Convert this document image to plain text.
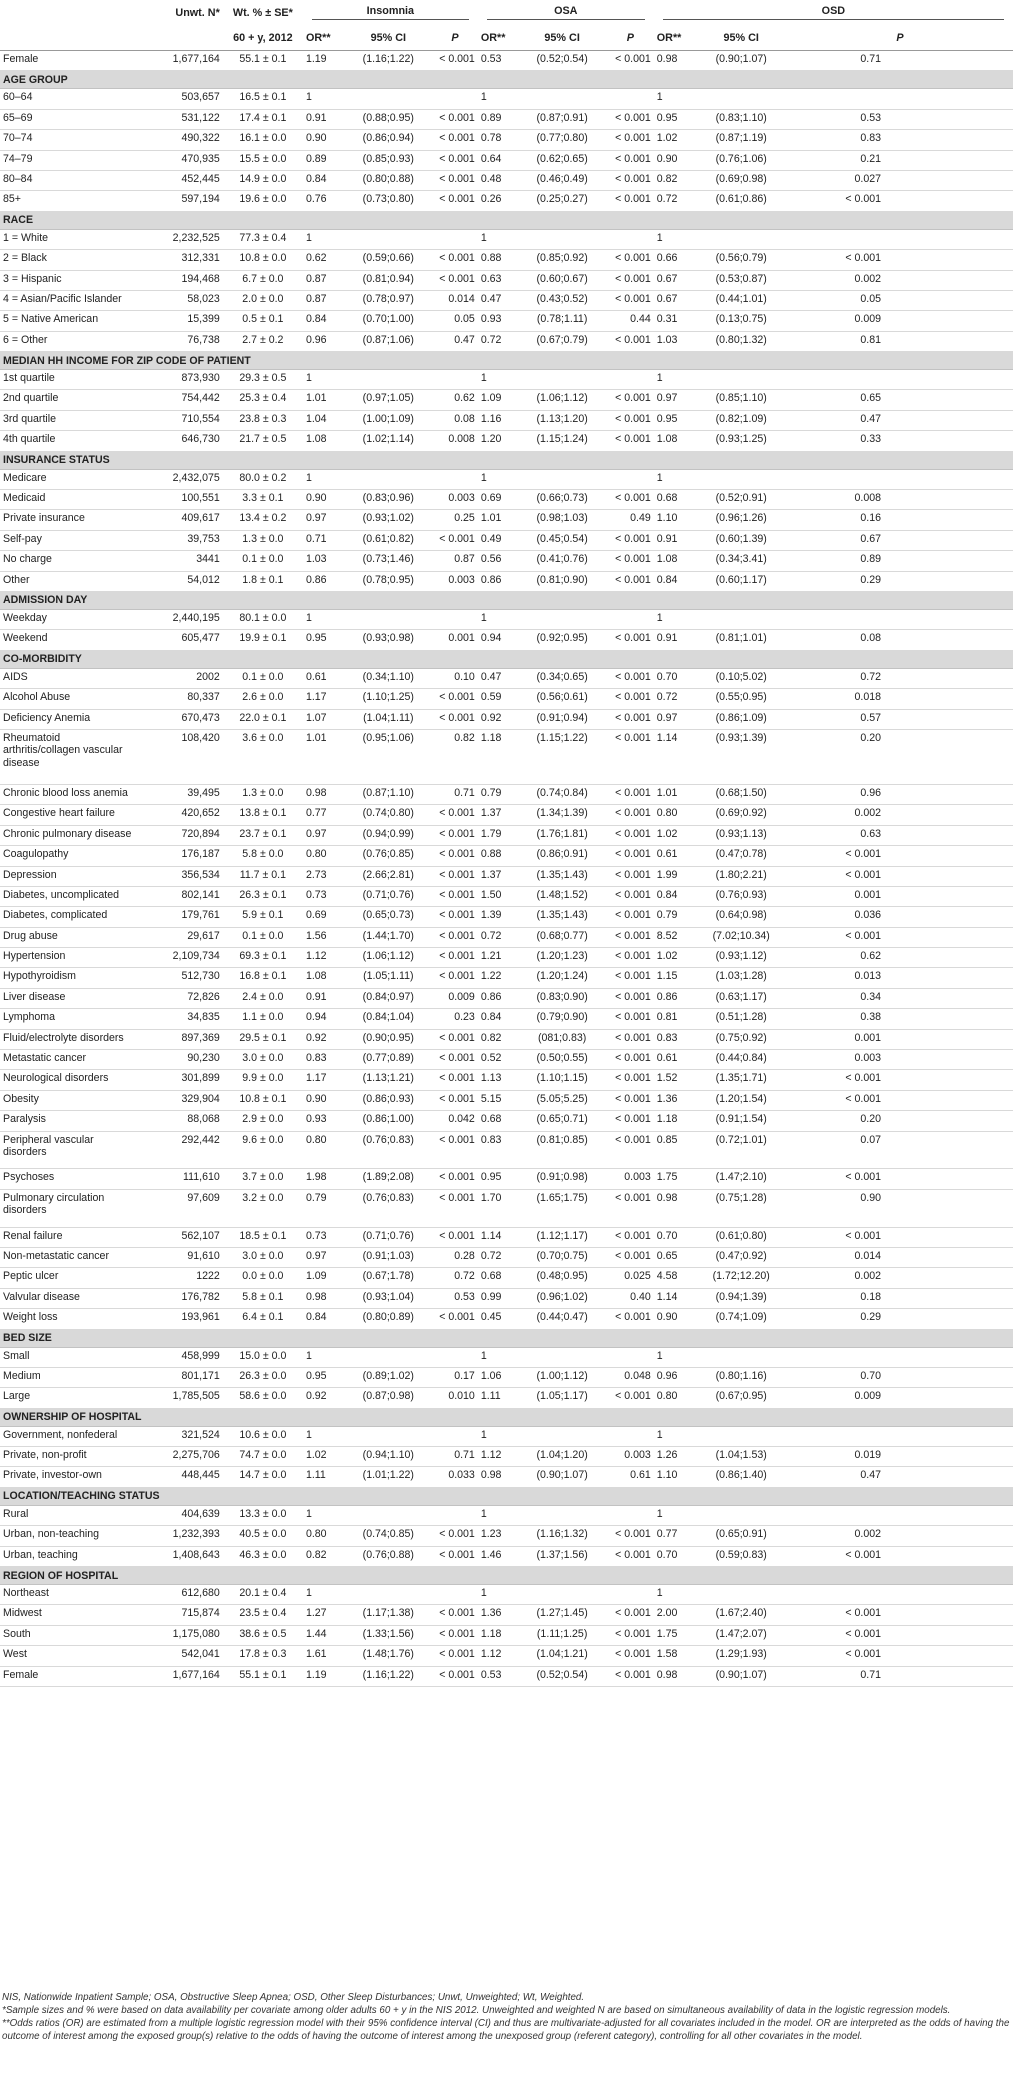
	Unwt. N*	Wt. % ± SE*	Insomnia			OSA			OSD		

		60 + y, 2012	OR**	95% CI	P	OR**	95% CI	P	OR**	95% CI	P
Female	1,677,164	55.1 ± 0.1	1.19	(1.16;1.22)	< 0.001	0.53	(0.52;0.54)	< 0.001	0.98	(0.90;1.07)	0.71
AGE GROUP											
60–64	503,657	16.5 ± 0.1	1			1			1		
65–69	531,122	17.4 ± 0.1	0.91	(0.88;0.95)	< 0.001	0.89	(0.87;0.91)	< 0.001	0.95	(0.83;1.10)	0.53
70–74	490,322	16.1 ± 0.0	0.90	(0.86;0.94)	< 0.001	0.78	(0.77;0.80)	< 0.001	1.02	(0.87;1.19)	0.83
74–79	470,935	15.5 ± 0.0	0.89	(0.85;0.93)	< 0.001	0.64	(0.62;0.65)	< 0.001	0.90	(0.76;1.06)	0.21
80–84	452,445	14.9 ± 0.0	0.84	(0.80;0.88)	< 0.001	0.48	(0.46;0.49)	< 0.001	0.82	(0.69;0.98)	0.027
85+	597,194	19.6 ± 0.0	0.76	(0.73;0.80)	< 0.001	0.26	(0.25;0.27)	< 0.001	0.72	(0.61;0.86)	< 0.001
RACE											
1 = White	2,232,525	77.3 ± 0.4	1			1			1		
2 = Black	312,331	10.8 ± 0.0	0.62	(0.59;0.66)	< 0.001	0.88	(0.85;0.92)	< 0.001	0.66	(0.56;0.79)	< 0.001
3 = Hispanic	194,468	6.7 ± 0.0	0.87	(0.81;0.94)	< 0.001	0.63	(0.60;0.67)	< 0.001	0.67	(0.53;0.87)	0.002
4 = Asian/Pacific Islander	58,023	2.0 ± 0.0	0.87	(0.78;0.97)	0.014	0.47	(0.43;0.52)	< 0.001	0.67	(0.44;1.01)	0.05
5 = Native American	15,399	0.5 ± 0.1	0.84	(0.70;1.00)	0.05	0.93	(0.78;1.11)	0.44	0.31	(0.13;0.75)	0.009
6 = Other	76,738	2.7 ± 0.2	0.96	(0.87;1.06)	0.47	0.72	(0.67;0.79)	< 0.001	1.03	(0.80;1.32)	0.81
MEDIAN HH INCOME FOR ZIP CODE OF PATIENT											
1st quartile	873,930	29.3 ± 0.5	1			1			1		
2nd quartile	754,442	25.3 ± 0.4	1.01	(0.97;1.05)	0.62	1.09	(1.06;1.12)	< 0.001	0.97	(0.85;1.10)	0.65
3rd quartile	710,554	23.8 ± 0.3	1.04	(1.00;1.09)	0.08	1.16	(1.13;1.20)	< 0.001	0.95	(0.82;1.09)	0.47
4th quartile	646,730	21.7 ± 0.5	1.08	(1.02;1.14)	0.008	1.20	(1.15;1.24)	< 0.001	1.08	(0.93;1.25)	0.33
INSURANCE STATUS											
Medicare	2,432,075	80.0 ± 0.2	1			1			1		
Medicaid	100,551	3.3 ± 0.1	0.90	(0.83;0.96)	0.003	0.69	(0.66;0.73)	< 0.001	0.68	(0.52;0.91)	0.008
Private insurance	409,617	13.4 ± 0.2	0.97	(0.93;1.02)	0.25	1.01	(0.98;1.03)	0.49	1.10	(0.96;1.26)	0.16
Self-pay	39,753	1.3 ± 0.0	0.71	(0.61;0.82)	< 0.001	0.49	(0.45;0.54)	< 0.001	0.91	(0.60;1.39)	0.67
No charge	3441	0.1 ± 0.0	1.03	(0.73;1.46)	0.87	0.56	(0.41;0.76)	< 0.001	1.08	(0.34;3.41)	0.89
Other	54,012	1.8 ± 0.1	0.86	(0.78;0.95)	0.003	0.86	(0.81;0.90)	< 0.001	0.84	(0.60;1.17)	0.29
ADMISSION DAY											
Weekday	2,440,195	80.1 ± 0.0	1			1			1		
Weekend	605,477	19.9 ± 0.1	0.95	(0.93;0.98)	0.001	0.94	(0.92;0.95)	< 0.001	0.91	(0.81;1.01)	0.08
CO-MORBIDITY											
AIDS	2002	0.1 ± 0.0	0.61	(0.34;1.10)	0.10	0.47	(0.34;0.65)	< 0.001	0.70	(0.10;5.02)	0.72
Alcohol Abuse	80,337	2.6 ± 0.0	1.17	(1.10;1.25)	< 0.001	0.59	(0.56;0.61)	< 0.001	0.72	(0.55;0.95)	0.018
Deficiency Anemia	670,473	22.0 ± 0.1	1.07	(1.04;1.11)	< 0.001	0.92	(0.91;0.94)	< 0.001	0.97	(0.86;1.09)	0.57
Rheumatoid arthritis/collagen vascular disease	108,420	3.6 ± 0.0	1.01	(0.95;1.06)	0.82	1.18	(1.15;1.22)	< 0.001	1.14	(0.93;1.39)	0.20
Chronic blood loss anemia	39,495	1.3 ± 0.0	0.98	(0.87;1.10)	0.71	0.79	(0.74;0.84)	< 0.001	1.01	(0.68;1.50)	0.96
Congestive heart failure	420,652	13.8 ± 0.1	0.77	(0.74;0.80)	< 0.001	1.37	(1.34;1.39)	< 0.001	0.80	(0.69;0.92)	0.002
Chronic pulmonary disease	720,894	23.7 ± 0.1	0.97	(0.94;0.99)	< 0.001	1.79	(1.76;1.81)	< 0.001	1.02	(0.93;1.13)	0.63
Coagulopathy	176,187	5.8 ± 0.0	0.80	(0.76;0.85)	< 0.001	0.88	(0.86;0.91)	< 0.001	0.61	(0.47;0.78)	< 0.001
Depression	356,534	11.7 ± 0.1	2.73	(2.66;2.81)	< 0.001	1.37	(1.35;1.43)	< 0.001	1.99	(1.80;2.21)	< 0.001
Diabetes, uncomplicated	802,141	26.3 ± 0.1	0.73	(0.71;0.76)	< 0.001	1.50	(1.48;1.52)	< 0.001	0.84	(0.76;0.93)	0.001
Diabetes, complicated	179,761	5.9 ± 0.1	0.69	(0.65;0.73)	< 0.001	1.39	(1.35;1.43)	< 0.001	0.79	(0.64;0.98)	0.036
Drug abuse	29,617	0.1 ± 0.0	1.56	(1.44;1.70)	< 0.001	0.72	(0.68;0.77)	< 0.001	8.52	(7.02;10.34)	< 0.001
Hypertension	2,109,734	69.3 ± 0.1	1.12	(1.06;1.12)	< 0.001	1.21	(1.20;1.23)	< 0.001	1.02	(0.93;1.12)	0.62
Hypothyroidism	512,730	16.8 ± 0.1	1.08	(1.05;1.11)	< 0.001	1.22	(1.20;1.24)	< 0.001	1.15	(1.03;1.28)	0.013
Liver disease	72,826	2.4 ± 0.0	0.91	(0.84;0.97)	0.009	0.86	(0.83;0.90)	< 0.001	0.86	(0.63;1.17)	0.34
Lymphoma	34,835	1.1 ± 0.0	0.94	(0.84;1.04)	0.23	0.84	(0.79;0.90)	< 0.001	0.81	(0.51;1.28)	0.38
Fluid/electrolyte disorders	897,369	29.5 ± 0.1	0.92	(0.90;0.95)	< 0.001	0.82	(081;0.83)	< 0.001	0.83	(0.75;0.92)	0.001
Metastatic cancer	90,230	3.0 ± 0.0	0.83	(0.77;0.89)	< 0.001	0.52	(0.50;0.55)	< 0.001	0.61	(0.44;0.84)	0.003
Neurological disorders	301,899	9.9 ± 0.0	1.17	(1.13;1.21)	< 0.001	1.13	(1.10;1.15)	< 0.001	1.52	(1.35;1.71)	< 0.001
Obesity	329,904	10.8 ± 0.1	0.90	(0.86;0.93)	< 0.001	5.15	(5.05;5.25)	< 0.001	1.36	(1.20;1.54)	< 0.001
Paralysis	88,068	2.9 ± 0.0	0.93	(0.86;1.00)	0.042	0.68	(0.65;0.71)	< 0.001	1.18	(0.91;1.54)	0.20
Peripheral vascular disorders	292,442	9.6 ± 0.0	0.80	(0.76;0.83)	< 0.001	0.83	(0.81;0.85)	< 0.001	0.85	(0.72;1.01)	0.07
Psychoses	111,610	3.7 ± 0.0	1.98	(1.89;2.08)	< 0.001	0.95	(0.91;0.98)	0.003	1.75	(1.47;2.10)	< 0.001
Pulmonary circulation disorders	97,609	3.2 ± 0.0	0.79	(0.76;0.83)	< 0.001	1.70	(1.65;1.75)	< 0.001	0.98	(0.75;1.28)	0.90
Renal failure	562,107	18.5 ± 0.1	0.73	(0.71;0.76)	< 0.001	1.14	(1.12;1.17)	< 0.001	0.70	(0.61;0.80)	< 0.001
Non-metastatic cancer	91,610	3.0 ± 0.0	0.97	(0.91;1.03)	0.28	0.72	(0.70;0.75)	< 0.001	0.65	(0.47;0.92)	0.014
Peptic ulcer	1222	0.0 ± 0.0	1.09	(0.67;1.78)	0.72	0.68	(0.48;0.95)	0.025	4.58	(1.72;12.20)	0.002
Valvular disease	176,782	5.8 ± 0.1	0.98	(0.93;1.04)	0.53	0.99	(0.96;1.02)	0.40	1.14	(0.94;1.39)	0.18
Weight loss	193,961	6.4 ± 0.1	0.84	(0.80;0.89)	< 0.001	0.45	(0.44;0.47)	< 0.001	0.90	(0.74;1.09)	0.29
BED SIZE											
Small	458,999	15.0 ± 0.0	1			1			1		
Medium	801,171	26.3 ± 0.0	0.95	(0.89;1.02)	0.17	1.06	(1.00;1.12)	0.048	0.96	(0.80;1.16)	0.70
Large	1,785,505	58.6 ± 0.0	0.92	(0.87;0.98)	0.010	1.11	(1.05;1.17)	< 0.001	0.80	(0.67;0.95)	0.009
OWNERSHIP OF HOSPITAL											
Government, nonfederal	321,524	10.6 ± 0.0	1			1			1		
Private, non-profit	2,275,706	74.7 ± 0.0	1.02	(0.94;1.10)	0.71	1.12	(1.04;1.20)	0.003	1.26	(1.04;1.53)	0.019
Private, investor-own	448,445	14.7 ± 0.0	1.11	(1.01;1.22)	0.033	0.98	(0.90;1.07)	0.61	1.10	(0.86;1.40)	0.47
LOCATION/TEACHING STATUS											
Rural	404,639	13.3 ± 0.0	1			1			1		
Urban, non-teaching	1,232,393	40.5 ± 0.0	0.80	(0.74;0.85)	< 0.001	1.23	(1.16;1.32)	< 0.001	0.77	(0.65;0.91)	0.002
Urban, teaching	1,408,643	46.3 ± 0.0	0.82	(0.76;0.88)	< 0.001	1.46	(1.37;1.56)	< 0.001	0.70	(0.59;0.83)	< 0.001
REGION OF HOSPITAL											
Northeast	612,680	20.1 ± 0.4	1			1			1		
Midwest	715,874	23.5 ± 0.4	1.27	(1.17;1.38)	< 0.001	1.36	(1.27;1.45)	< 0.001	2.00	(1.67;2.40)	< 0.001
South	1,175,080	38.6 ± 0.5	1.44	(1.33;1.56)	< 0.001	1.18	(1.11;1.25)	< 0.001	1.75	(1.47;2.07)	< 0.001
West	542,041	17.8 ± 0.3	1.61	(1.48;1.76)	< 0.001	1.12	(1.04;1.21)	< 0.001	1.58	(1.29;1.93)	< 0.001
Female	1,677,164	55.1 ± 0.1	1.19	(1.16;1.22)	< 0.001	0.53	(0.52;0.54)	< 0.001	0.98	(0.90;1.07)	0.71

NIS, Nationwide Inpatient Sample; OSA, Obstructive Sleep Apnea; OSD, Other Sleep Disturbances; Unwt, Unweighted; Wt, Weighted.

*Sample sizes and % were based on data availability per covariate among older adults 60 + y in the NIS 2012. Unweighted and weighted N are based on simultaneous availability of data in the logistic regression models.

**Odds ratios (OR) are estimated from a multiple logistic regression model with their 95% confidence interval (CI) and thus are multivariate-adjusted for all covariates included in the model. OR are interpreted as the odds of having the outcome of interest among the exposed group(s) relative to the odds of having the outcome of interest among the unexposed group (referent category), controlling for all other covariates in the model.
